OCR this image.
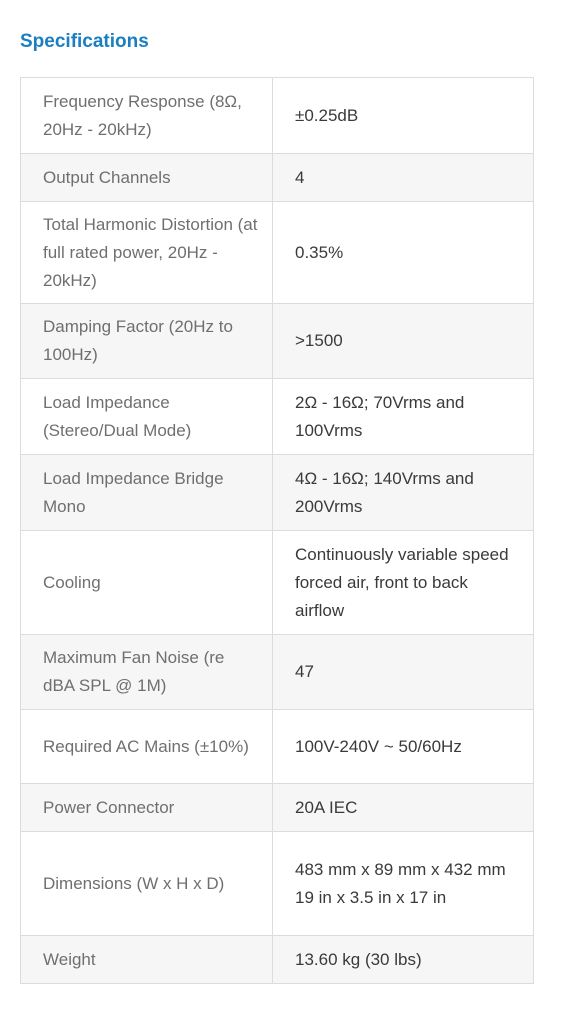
Specifications
Frequency Response (8Ω, 20Hz - 20kHz)	±0.25dB
Output Channels	4
Total Harmonic Distortion (at full rated power, 20Hz - 20kHz)	0.35%
Damping Factor (20Hz to 100Hz)	>1500
Load Impedance (Stereo/Dual Mode)	2Ω - 16Ω; 70Vrms and 100Vrms
Load Impedance Bridge Mono	4Ω - 16Ω; 140Vrms and 200Vrms
Cooling	Continuously variable speed forced air, front to back airflow
Maximum Fan Noise (re dBA SPL @ 1M)	47
Required AC Mains (±10%)	100V-240V ~ 50/60Hz
Power Connector	20A IEC
Dimensions (W x H x D)	483 mm x 89 mm x 432 mm
19 in x 3.5 in x 17 in
Weight	13.60 kg (30 lbs)
